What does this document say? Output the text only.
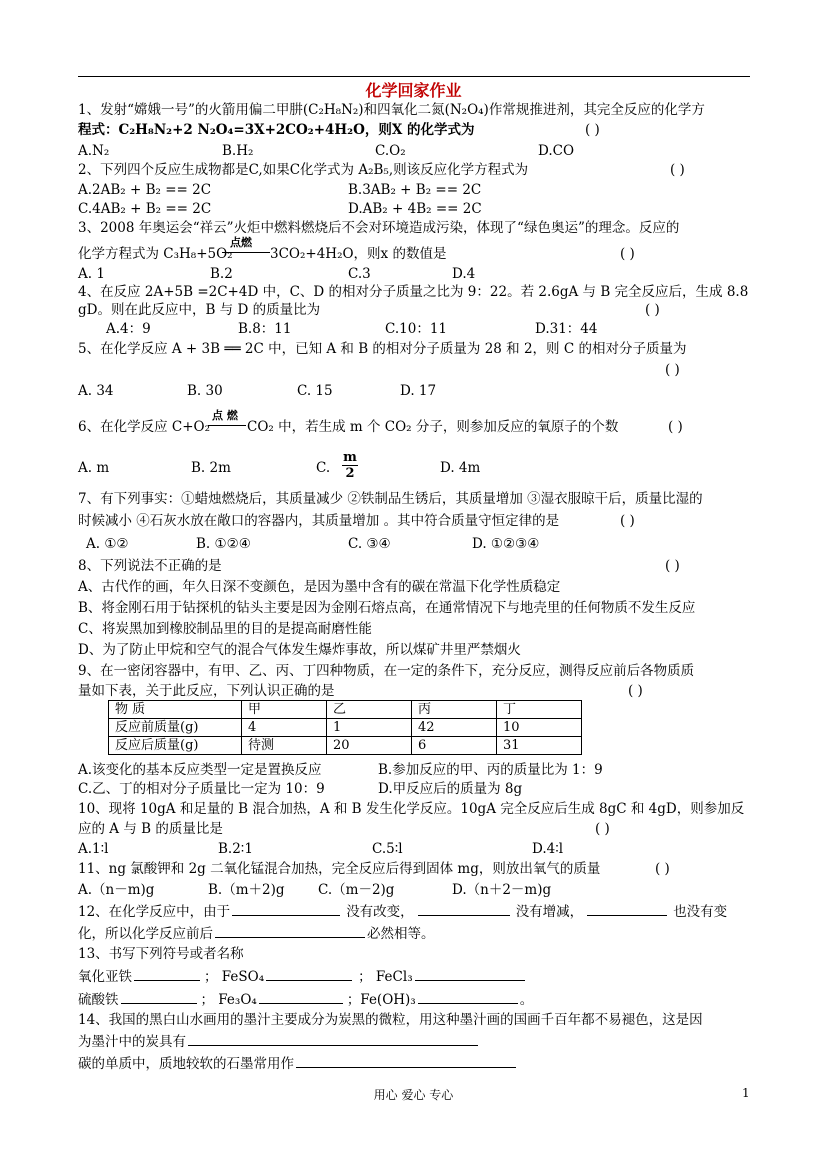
化学回家作业
1、发射“嫦娥一号”的火箭用偏二甲肼(C₂H₈N₂)和四氧化二氮(N₂O₄)作常规推进剂，其完全反应的化学方
程式：C₂H₈N₂+2 N₂O₄=3X+2CO₂+4H₂O，则X 的化学式为	( )
A.N₂	B.H₂	C.O₂	D.CO
2、下列四个反应生成物都是C,如果C化学式为 A₂B₅,则该反应化学方程式为	( )
A.2AB₂ + B₂ == 2C	B.3AB₂ + B₂ == 2C
C.4AB₂ + B₂ == 2C	D.AB₂ + 4B₂ == 2C
3、2008 年奥运会“祥云”火炬中燃料燃烧后不会对环境造成污染，体现了“绿色奥运”的理念。反应的
化学方程式为 C₃H₈+5O₂
点燃
3CO₂+4H₂O，则x 的数值是	( )
A. 1	B.2	C.3	D.4
4、在反应 2A+5B =2C+4D 中，C、D 的相对分子质量之比为 9：22。若 2.6gA 与 B 完全反应后，生成 8.8
gD。则在此反应中，B 与 D 的质量比为	( )
A.4：9	B.8：11	C.10：11	D.31：44
5、在化学反应 A + 3B ══ 2C 中，已知 A 和 B 的相对分子质量为 28 和 2，则 C 的相对分子质量为
( )
A. 34	B. 30	C. 15	D. 17
6、在化学反应 C+O₂
点 燃
CO₂ 中，若生成 m 个 CO₂ 分子，则参加反应的氧原子的个数	( )
A. m	B. 2m	C. $\frac{m}{2}$	D. 4m
7、有下列事实：①蜡烛燃烧后，其质量减少 ②铁制品生锈后，其质量增加 ③湿衣服晾干后，质量比湿的
时候减小 ④石灰水放在敞口的容器内，其质量增加 。其中符合质量守恒定律的是	( )
A. ①②	B. ①②④	C. ③④	D. ①②③④
8、下列说法不正确的是	( )
A、古代作的画，年久日深不变颜色，是因为墨中含有的碳在常温下化学性质稳定
B、将金刚石用于钻探机的钻头主要是因为金刚石熔点高，在通常情况下与地壳里的任何物质不发生反应
C、将炭黑加到橡胶制品里的目的是提高耐磨性能
D、为了防止甲烷和空气的混合气体发生爆炸事故，所以煤矿井里严禁烟火
9、在一密闭容器中，有甲、乙、丙、丁四种物质，在一定的条件下，充分反应，测得反应前后各物质质
量如下表，关于此反应，下列认识正确的是	( )
物 质	甲	乙	丙	丁
反应前质量(g)	4	1	42	10
反应后质量(g)	待测	20	6	31
A.该变化的基本反应类型一定是置换反应	B.参加反应的甲、丙的质量比为 1：9
C.乙、丁的相对分子质量比一定为 10：9	D.甲反应后的质量为 8g
10、现将 10gA 和足量的 B 混合加热，A 和 B 发生化学反应。10gA 完全反应后生成 8gC 和 4gD，则参加反
应的 A 与 B 的质量比是	( )
A.1∶l	B.2∶1	C.5∶l	D.4∶l
11、ng 氯酸钾和 2g 二氧化锰混合加热，完全反应后得到固体 mg，则放出氧气的质量	( )
A.（n－m)g	B.（m＋2)g C.（m－2)g	D.（n＋2－m)g
12、在化学反应中，由于	没有改变，	没有增减，	也没有变
化，所以化学反应前后	必然相等。
13、书写下列符号或者名称
氧化亚铁	； FeSO₄	； FeCl₃
硫酸铁	； Fe₃O₄	；Fe(OH)₃	。
14、我国的黑白山水画用的墨汁主要成分为炭黑的微粒，用这种墨汁画的国画千百年都不易褪色，这是因
为墨汁中的炭具有
碳的单质中，质地较软的石墨常用作
用心 爱心 专心	1
